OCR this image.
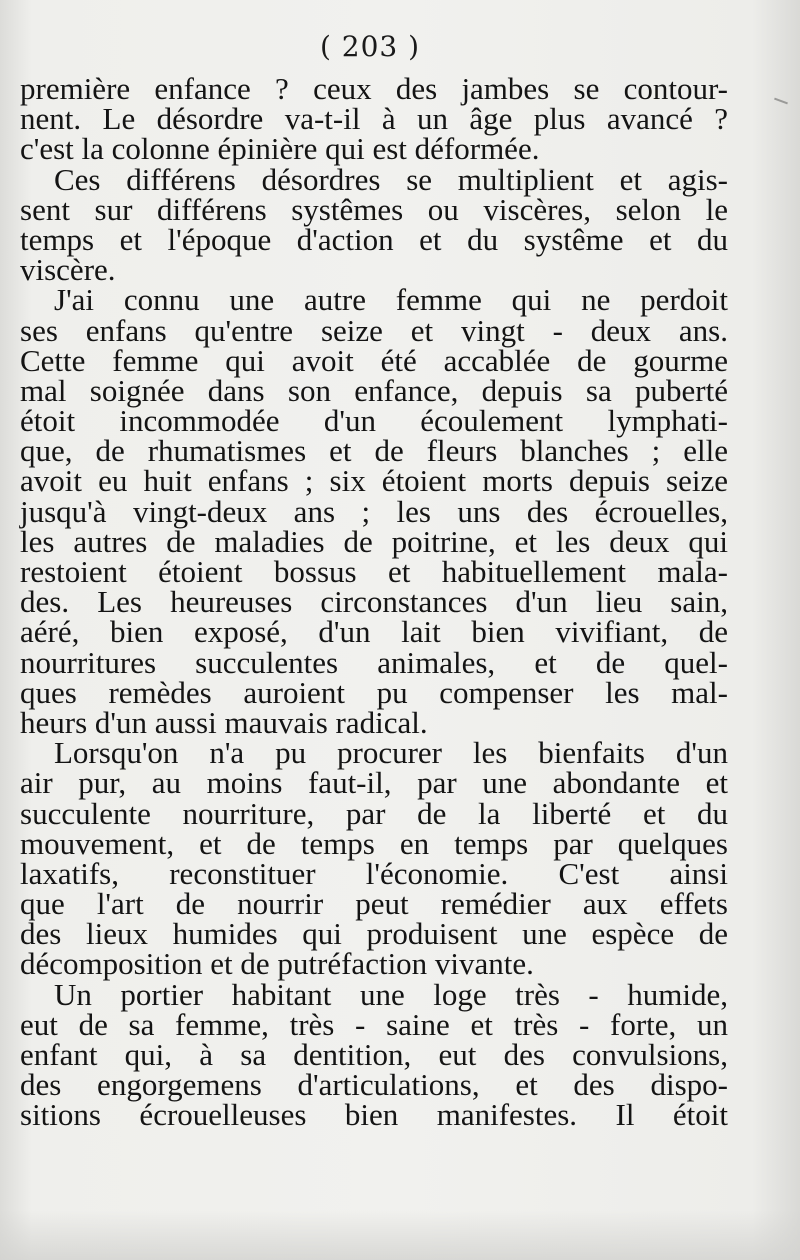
( 203 )
première enfance ? ceux des jambes se contour-
nent. Le désordre va-t-il à un âge plus avancé ?
c'est la colonne épinière qui est déformée.
Ces différens désordres se multiplient et agis-
sent sur différens systêmes ou viscères, selon le
temps et l'époque d'action et du systême et du
viscère.
J'ai connu une autre femme qui ne perdoit
ses enfans qu'entre seize et vingt - deux ans.
Cette femme qui avoit été accablée de gourme
mal soignée dans son enfance, depuis sa puberté
étoit incommodée d'un écoulement lymphati-
que, de rhumatismes et de fleurs blanches ; elle
avoit eu huit enfans ; six étoient morts depuis seize
jusqu'à vingt-deux ans ; les uns des écrouelles,
les autres de maladies de poitrine, et les deux qui
restoient étoient bossus et habituellement mala-
des. Les heureuses circonstances d'un lieu sain,
aéré, bien exposé, d'un lait bien vivifiant, de
nourritures succulentes animales, et de quel-
ques remèdes auroient pu compenser les mal-
heurs d'un aussi mauvais radical.
Lorsqu'on n'a pu procurer les bienfaits d'un
air pur, au moins faut-il, par une abondante et
succulente nourriture, par de la liberté et du
mouvement, et de temps en temps par quelques
laxatifs, reconstituer l'économie. C'est ainsi
que l'art de nourrir peut remédier aux effets
des lieux humides qui produisent une espèce de
décomposition et de putréfaction vivante.
Un portier habitant une loge très - humide,
eut de sa femme, très - saine et très - forte, un
enfant qui, à sa dentition, eut des convulsions,
des engorgemens d'articulations, et des dispo-
sitions écrouelleuses bien manifestes. Il étoit
